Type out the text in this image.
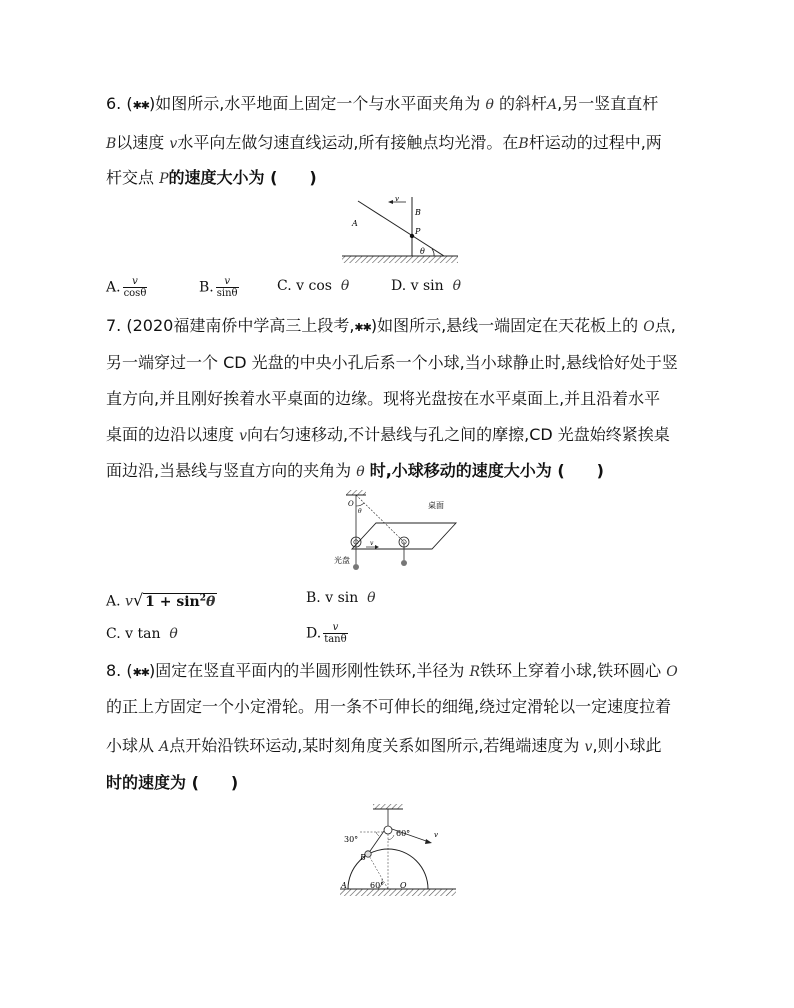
6. (✱✱)如图所示,水平地面上固定一个与水平面夹角为 θ 的斜杆A,另一竖直直杆
B以速度 v水平向左做匀速直线运动,所有接触点均光滑。在B杆运动的过程中,两
杆交点 P的速度大小为 (　　)
v
A
B
P
θ
A. $\frac{v}{\cos\theta}$	B. $\frac{v}{\sin\theta}$	C. v cos θ	D. v sin θ
7. (2020福建南侨中学高三上段考,✱✱)如图所示,悬线一端固定在天花板上的 O点,
另一端穿过一个 CD 光盘的中央小孔后系一个小球,当小球静止时,悬线恰好处于竖
直方向,并且刚好挨着水平桌面的边缘。现将光盘按在水平桌面上,并且沿着水平
桌面的边沿以速度 v向右匀速移动,不计悬线与孔之间的摩擦,CD 光盘始终紧挨桌
面边沿,当悬线与竖直方向的夹角为 θ 时,小球移动的速度大小为 (　　)
O
θ
桌面
光盘
v
A. v√ $1 + \sin^2\theta$	B. v sin θ
C. v tan θ	D. $\frac{v}{\tan\theta}$
8. (✱✱)固定在竖直平面内的半圆形刚性铁环,半径为 R铁环上穿着小球,铁环圆心 O
的正上方固定一个小定滑轮。用一条不可伸长的细绳,绕过定滑轮以一定速度拉着
小球从 A点开始沿铁环运动,某时刻角度关系如图所示,若绳端速度为 v,则小球此
时的速度为 (　　)
30°
60°
60°
v
B
A	O
